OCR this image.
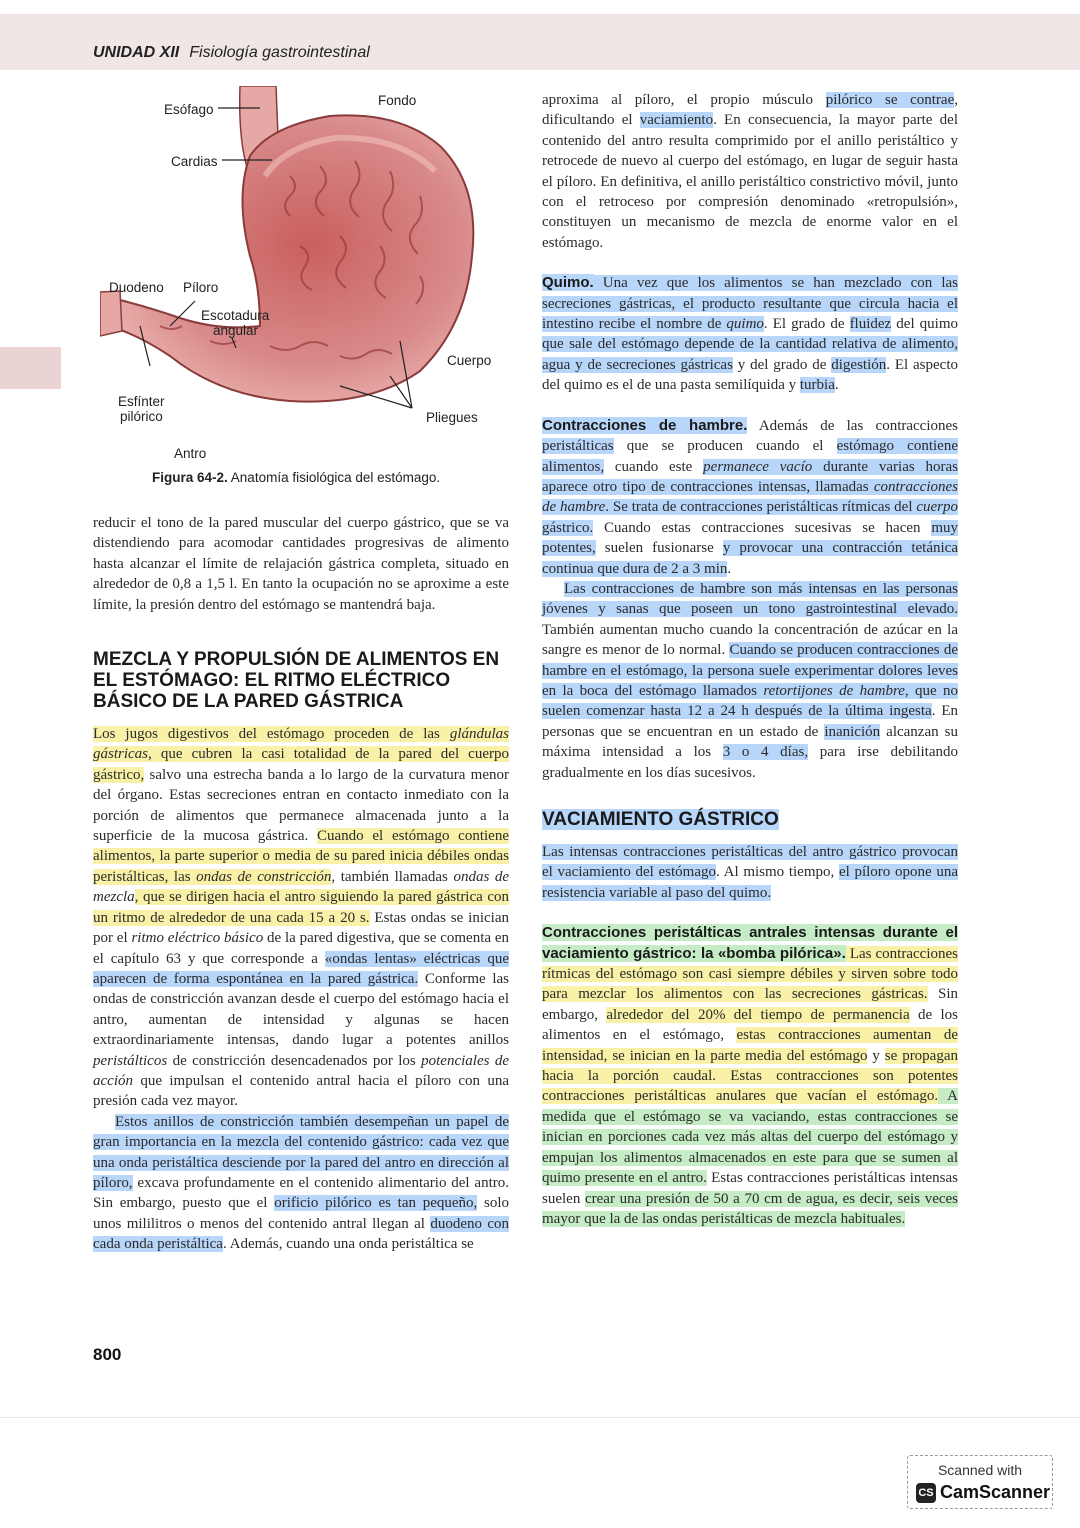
UNIDAD XII Fisiología gastrointestinal
Esófago
Fondo
Cardias
Duodeno Píloro
Escotadura
angular
Cuerpo
Esfínter
pilórico	Pliegues
Antro
Figura 64-2. Anatomía fisiológica del estómago.

reducir el tono de la pared muscular del cuerpo gástrico, que se va distendiendo para acomodar cantidades progresivas de alimento hasta alcanzar el límite de relajación gástrica completa, situado en alrededor de 0,8 a 1,5 l. En tanto la ocupación no se aproxime a este límite, la presión dentro del estómago se mantendrá baja.

MEZCLA Y PROPULSIÓN DE ALIMENTOS EN EL ESTÓMAGO: EL RITMO ELÉCTRICO BÁSICO DE LA PARED GÁSTRICA

Los jugos digestivos del estómago proceden de las glándulas gástricas, que cubren la casi totalidad de la pared del cuerpo gástrico, salvo una estrecha banda a lo largo de la curvatura menor del órgano. Estas secreciones entran en contacto inmediato con la porción de alimentos que permanece almacenada junto a la superficie de la mucosa gástrica. Cuando el estómago contiene alimentos, la parte superior o media de su pared inicia débiles ondas peristálticas, las ondas de constricción, también llamadas ondas de mezcla, que se dirigen hacia el antro siguiendo la pared gástrica con un ritmo de alrededor de una cada 15 a 20 s. Estas ondas se inician por el ritmo eléctrico básico de la pared digestiva, que se comenta en el capítulo 63 y que corresponde a «ondas lentas» eléctricas que aparecen de forma espontánea en la pared gástrica. Conforme las ondas de constricción avanzan desde el cuerpo del estómago hacia el antro, aumentan de intensidad y algunas se hacen extraordinariamente intensas, dando lugar a potentes anillos peristálticos de constricción desencadenados por los potenciales de acción que impulsan el contenido antral hacia el píloro con una presión cada vez mayor.

Estos anillos de constricción también desempeñan un papel de gran importancia en la mezcla del contenido gástrico: cada vez que una onda peristáltica desciende por la pared del antro en dirección al píloro, excava profundamente en el contenido alimentario del antro. Sin embargo, puesto que el orificio pilórico es tan pequeño, solo unos mililitros o menos del contenido antral llegan al duodeno con cada onda peristáltica. Además, cuando una onda peristáltica se

aproxima al píloro, el propio músculo pilórico se contrae, dificultando el vaciamiento. En consecuencia, la mayor parte del contenido del antro resulta comprimido por el anillo peristáltico y retrocede de nuevo al cuerpo del estómago, en lugar de seguir hasta el píloro. En definitiva, el anillo peristáltico constrictivo móvil, junto con el retroceso por compresión denominado «retropulsión», constituyen un mecanismo de mezcla de enorme valor en el estómago.

Quimo. Una vez que los alimentos se han mezclado con las secreciones gástricas, el producto resultante que circula hacia el intestino recibe el nombre de quimo. El grado de fluidez del quimo que sale del estómago depende de la cantidad relativa de alimento, agua y de secreciones gástricas y del grado de digestión. El aspecto del quimo es el de una pasta semilíquida y turbia.

Contracciones de hambre. Además de las contracciones peristálticas que se producen cuando el estómago contiene alimentos, cuando este permanece vacío durante varias horas aparece otro tipo de contracciones intensas, llamadas contracciones de hambre. Se trata de contracciones peristálticas rítmicas del cuerpo gástrico. Cuando estas contracciones sucesivas se hacen muy potentes, suelen fusionarse y provocar una contracción tetánica continua que dura de 2 a 3 min.

Las contracciones de hambre son más intensas en las personas jóvenes y sanas que poseen un tono gastrointestinal elevado. También aumentan mucho cuando la concentración de azúcar en la sangre es menor de lo normal. Cuando se producen contracciones de hambre en el estómago, la persona suele experimentar dolores leves en la boca del estómago llamados retortijones de hambre, que no suelen comenzar hasta 12 a 24 h después de la última ingesta. En personas que se encuentran en un estado de inanición alcanzan su máxima intensidad a los 3 o 4 días, para irse debilitando gradualmente en los días sucesivos.

VACIAMIENTO GÁSTRICO

Las intensas contracciones peristálticas del antro gástrico provocan el vaciamiento del estómago. Al mismo tiempo, el píloro opone una resistencia variable al paso del quimo.

Contracciones peristálticas antrales intensas durante el vaciamiento gástrico: la «bomba pilórica». Las contracciones rítmicas del estómago son casi siempre débiles y sirven sobre todo para mezclar los alimentos con las secreciones gástricas. Sin embargo, alrededor del 20% del tiempo de permanencia de los alimentos en el estómago, estas contracciones aumentan de intensidad, se inician en la parte media del estómago y se propagan hacia la porción caudal. Estas contracciones son potentes contracciones peristálticas anulares que vacían el estómago. A medida que el estómago se va vaciando, estas contracciones se inician en porciones cada vez más altas del cuerpo del estómago y empujan los alimentos almacenados en este para que se sumen al quimo presente en el antro. Estas contracciones peristálticas intensas suelen crear una presión de 50 a 70 cm de agua, es decir, seis veces mayor que la de las ondas peristálticas de mezcla habituales.

800
Scanned with
CS CamScanner
